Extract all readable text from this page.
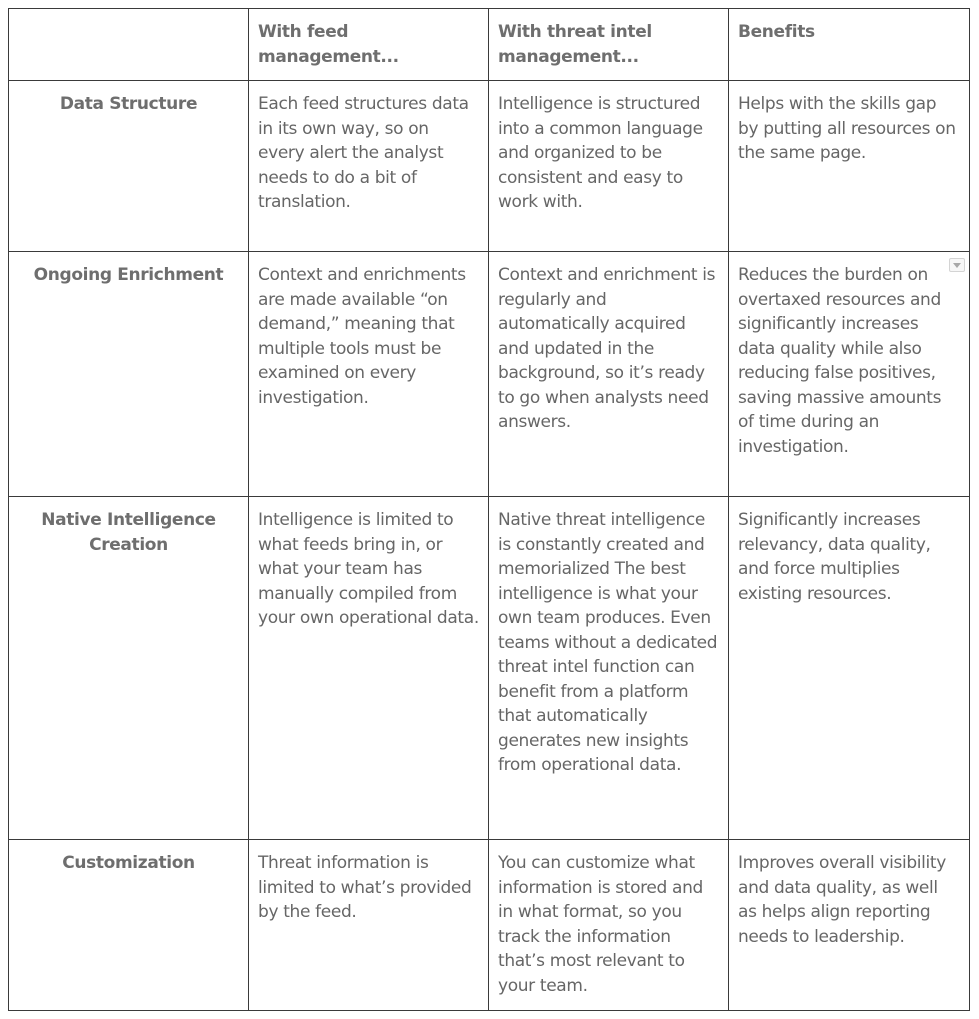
	With feed management...	With threat intel management...	Benefits
Data Structure	Each feed structures data in its own way, so on every alert the analyst needs to do a bit of translation.	Intelligence is structured into a common language and organized to be consistent and easy to work with.	Helps with the skills gap by putting all resources on the same page.
Ongoing Enrichment	Context and enrichments are made available “on demand,” meaning that multiple tools must be examined on every investigation.	Context and enrichment is regularly and automatically acquired and updated in the background, so it’s ready to go when analysts need answers.	Reduces the burden on overtaxed resources and significantly increases data quality while also reducing false positives, saving massive amounts of time during an investigation.

Native Intelligence Creation	Intelligence is limited to what feeds bring in, or what your team has manually compiled from your own operational data.	Native threat intelligence is constantly created and memorialized The best intelligence is what your own team produces. Even teams without a dedicated threat intel function can benefit from a platform that automatically generates new insights from operational data.	Significantly increases relevancy, data quality, and force multiplies existing resources.
Customization	Threat information is limited to what’s provided by the feed.	You can customize what information is stored and in what format, so you track the information that’s most relevant to your team.	Improves overall visibility and data quality, as well as helps align reporting needs to leadership.
